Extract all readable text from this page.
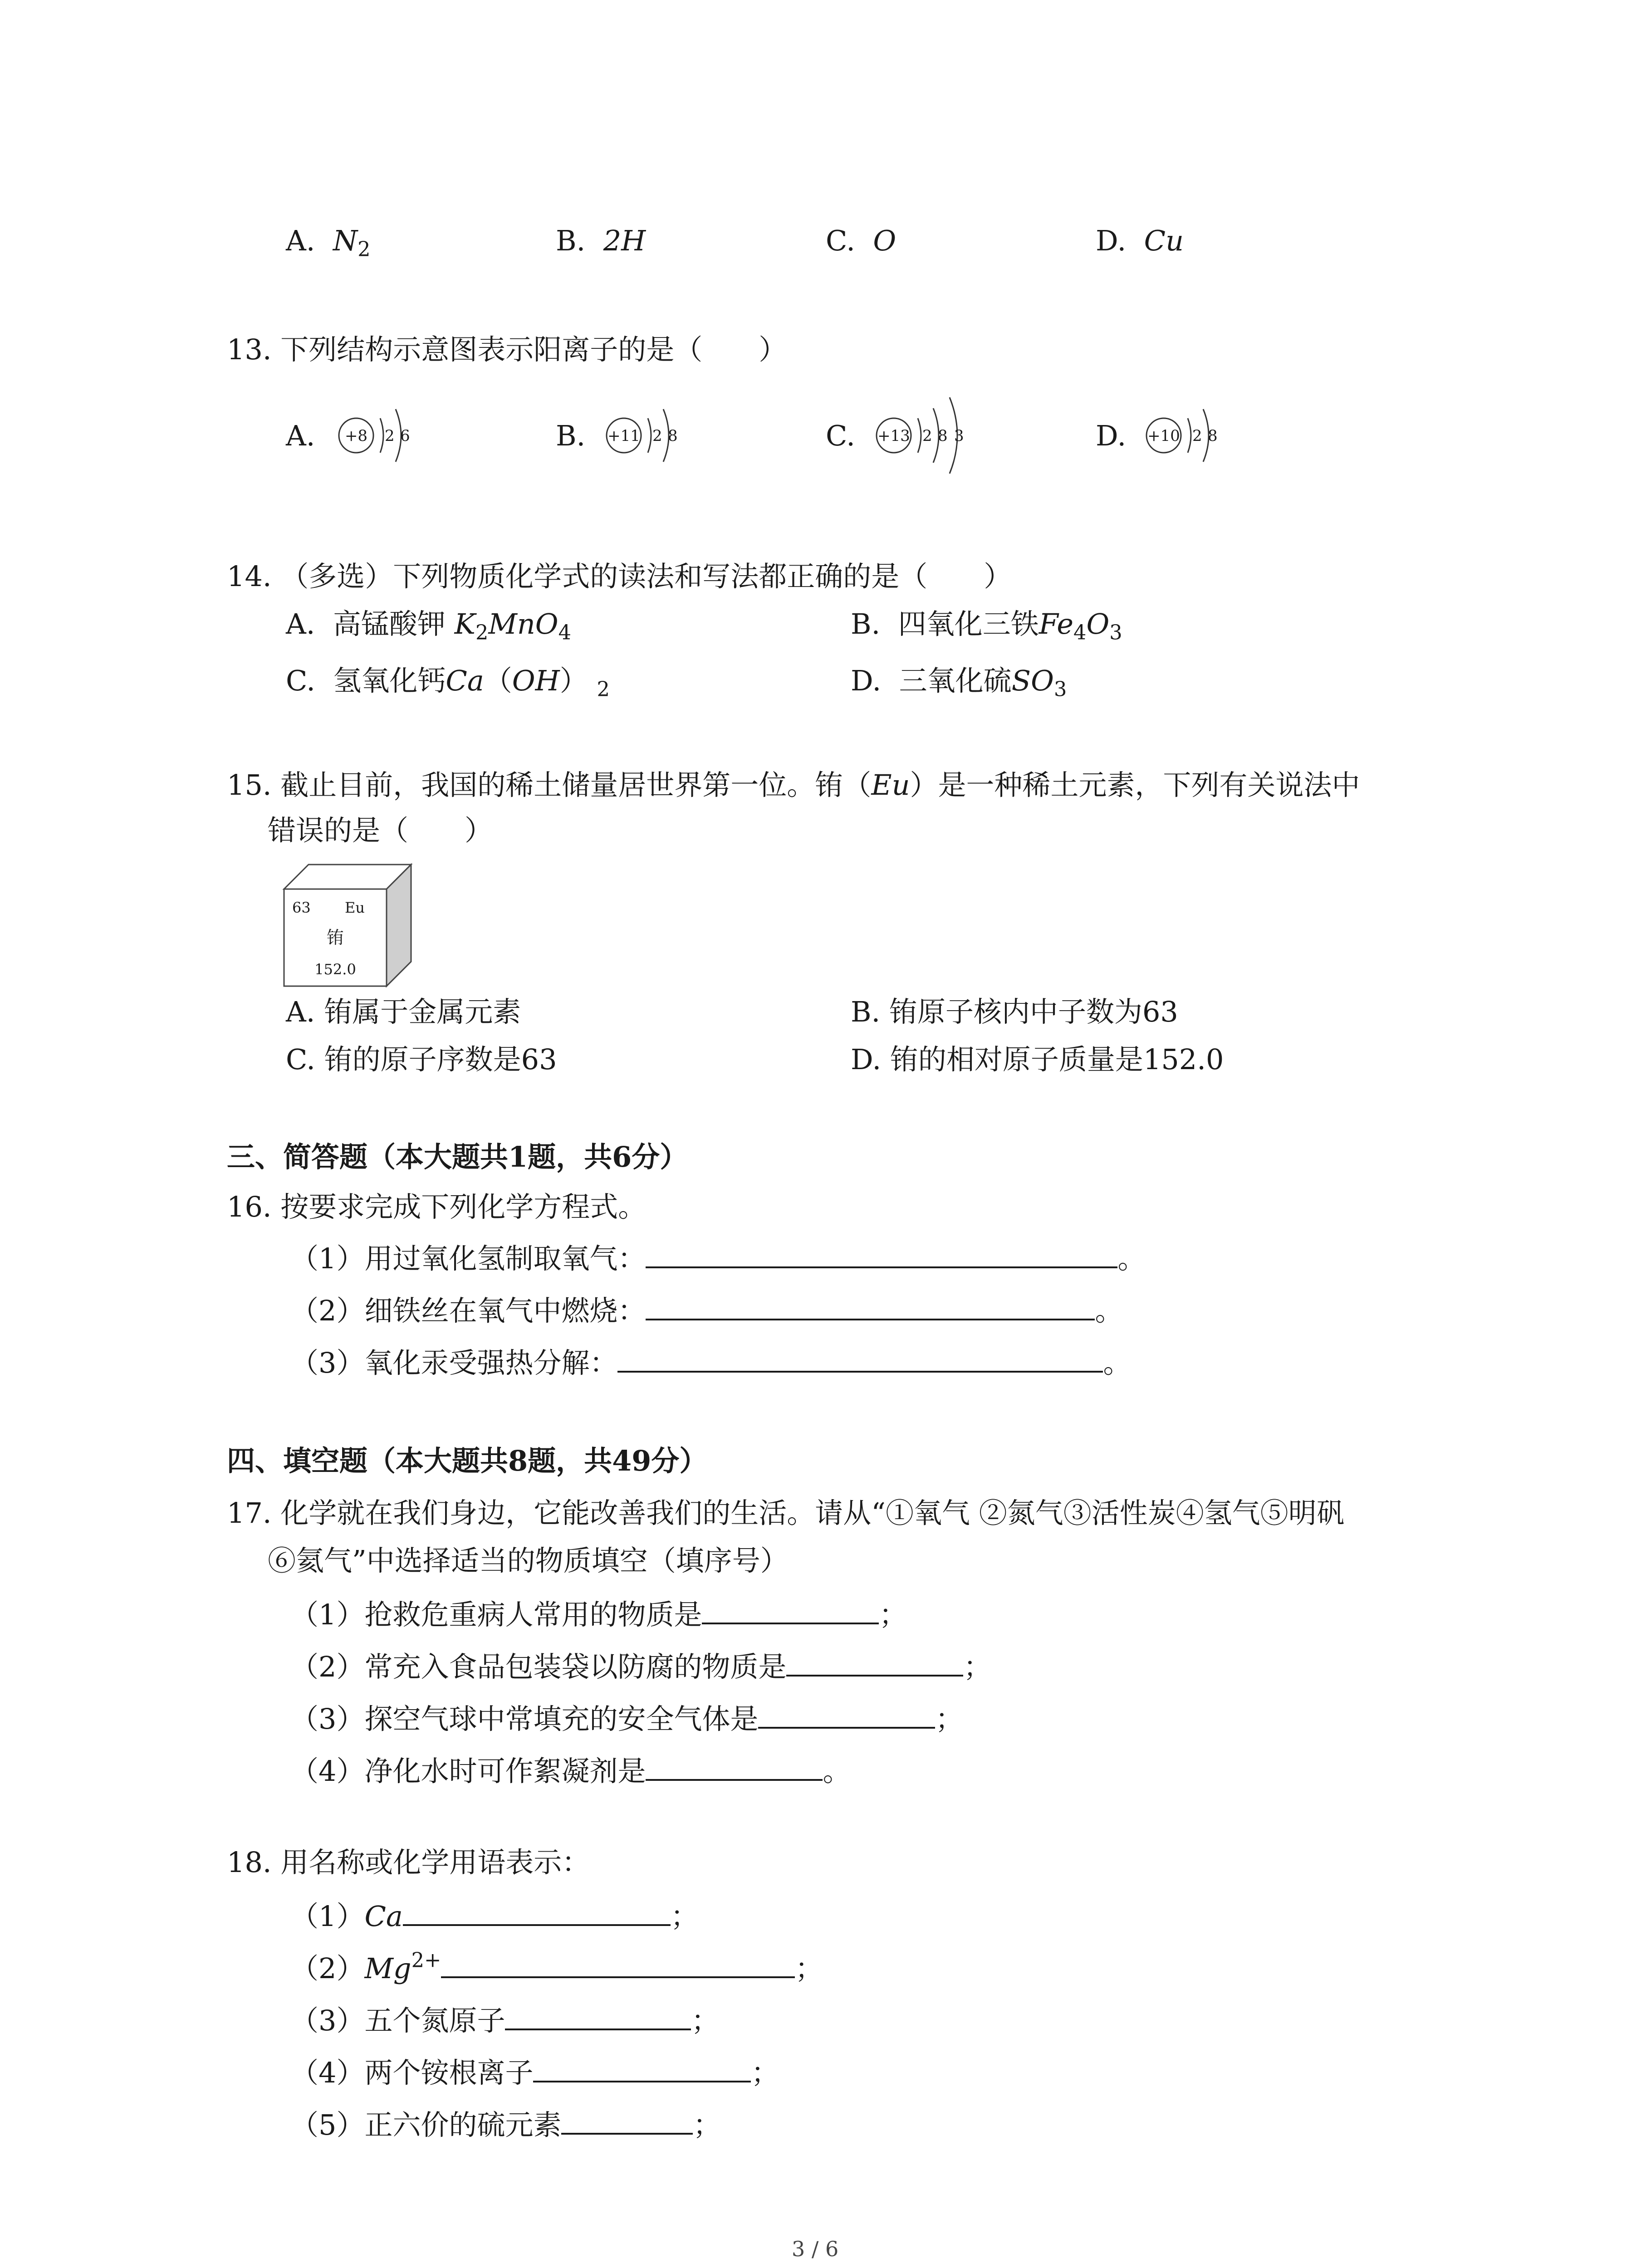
A. $N_2$	B. 2H	C. O	D. Cu
13. 下列结构示意图表示阳离子的是（　　）
A. +8 2 6	B. +11 2 8	C. +13 2 8 3	D. +10 2 8
14. （多选）下列物质化学式的读法和写法都正确的是（　　）
A. 高锰酸钾 $K_2MnO_4$	B. 四氧化三铁$Fe_4O_3$
C. 氢氧化钙Ca（OH） $_2$	D. 三氧化硫$SO_3$
15. 截止目前，我国的稀土储量居世界第一位。铕（Eu）是一种稀土元素，下列有关说法中
错误的是（　　）
63 Eu
铕
152.0
A. 铕属于金属元素	B. 铕原子核内中子数为63
C. 铕的原子序数是63	D. 铕的相对原子质量是152.0
三、简答题（本大题共1题，共6分）
16. 按要求完成下列化学方程式。
（1）用过氧化氢制取氧气：	。
（2）细铁丝在氧气中燃烧：	。
（3）氧化汞受强热分解：	。
四、填空题（本大题共8题，共49分）
17. 化学就在我们身边，它能改善我们的生活。请从“①氧气 ②氮气③活性炭④氢气⑤明矾
⑥氦气”中选择适当的物质填空（填序号）
（1）抢救危重病人常用的物质是	；
（2）常充入食品包装袋以防腐的物质是	；
（3）探空气球中常填充的安全气体是	；
（4）净化水时可作絮凝剂是	。
18. 用名称或化学用语表示：
（1）Ca	；
$(2)Mg^{2+}$	；
（3）五个氮原子	；
（4）两个铵根离子	；
（5）正六价的硫元素	；
3 / 6
